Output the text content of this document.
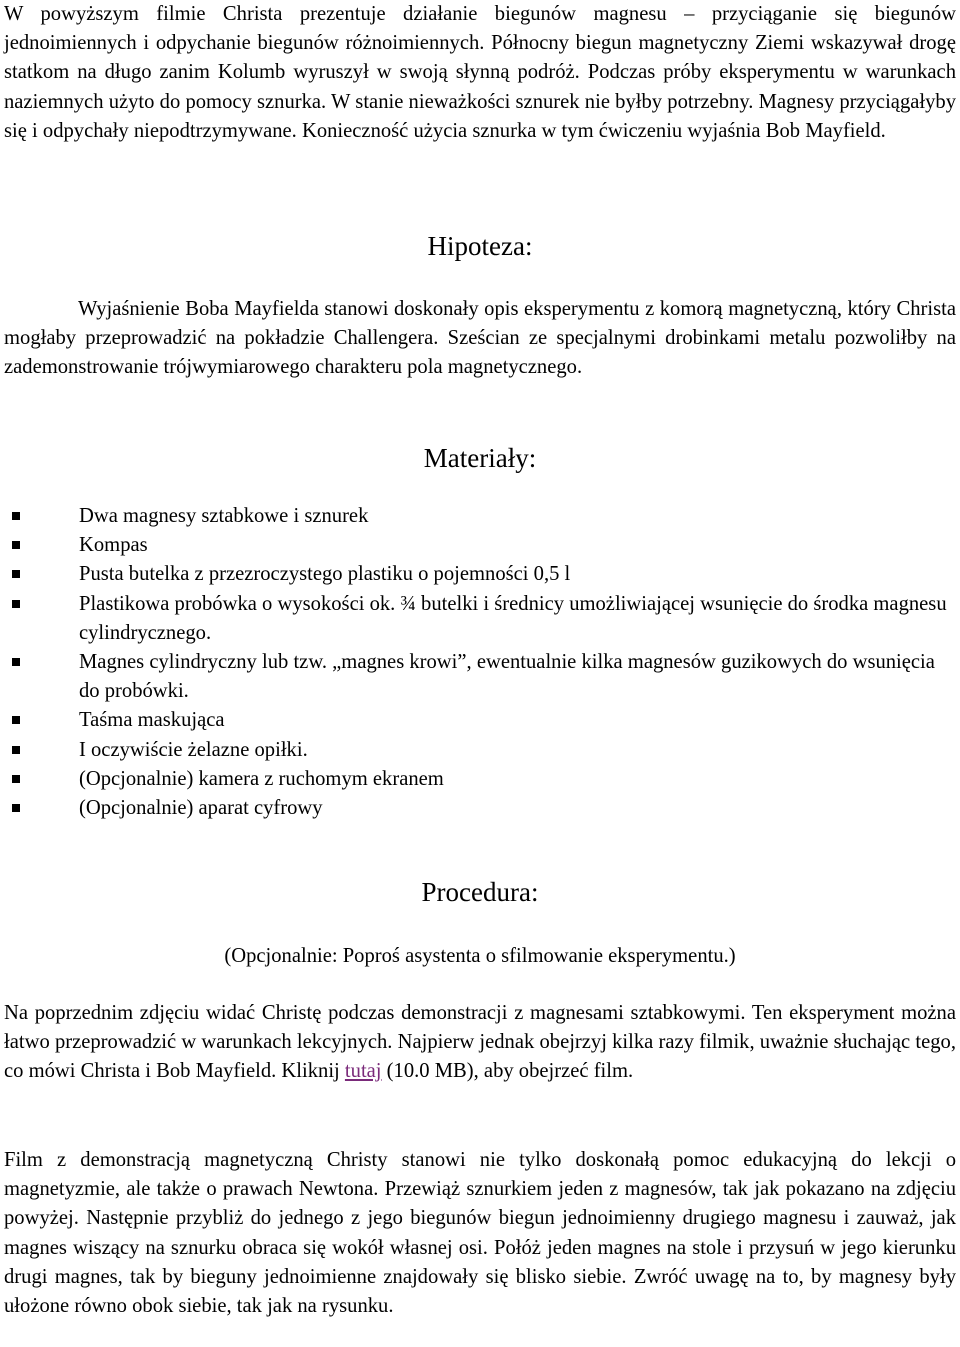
W powyższym filmie Christa prezentuje działanie biegunów magnesu – przyciąganie się biegunów jednoimiennych i odpychanie biegunów różnoimiennych. Północny biegun magnetyczny Ziemi wskazywał drogę statkom na długo zanim Kolumb wyruszył w swoją słynną podróż. Podczas próby eksperymentu w warunkach naziemnych użyto do pomocy sznurka. W stanie nieważkości sznurek nie byłby potrzebny. Magnesy przyciągałyby się i odpychały niepodtrzymywane. Konieczność użycia sznurka w tym ćwiczeniu wyjaśnia Bob Mayfield.

Hipoteza:

Wyjaśnienie Boba Mayfielda stanowi doskonały opis eksperymentu z komorą magnetyczną, który Christa mogłaby przeprowadzić na pokładzie Challengera. Sześcian ze specjalnymi drobinkami metalu pozwoliłby na zademonstrowanie trójwymiarowego charakteru pola magnetycznego.

Materiały:
Dwa magnesy sztabkowe i sznurek
Kompas
Pusta butelka z przezroczystego plastiku o pojemności 0,5 l
Plastikowa probówka o wysokości ok. ¾ butelki i średnicy umożliwiającej wsunięcie do środka magnesu cylindrycznego.
Magnes cylindryczny lub tzw. „magnes krowi”, ewentualnie kilka magnesów guzikowych do wsunięcia do probówki.
Taśma maskująca
I oczywiście żelazne opiłki.
(Opcjonalnie) kamera z ruchomym ekranem
(Opcjonalnie) aparat cyfrowy
Procedura:

(Opcjonalnie: Poproś asystenta o sfilmowanie eksperymentu.)

Na poprzednim zdjęciu widać Christę podczas demonstracji z magnesami sztabkowymi. Ten eksperyment można łatwo przeprowadzić w warunkach lekcyjnych. Najpierw jednak obejrzyj kilka razy filmik, uważnie słuchając tego, co mówi Christa i Bob Mayfield. Kliknij tutaj (10.0 MB), aby obejrzeć film.

Film z demonstracją magnetyczną Christy stanowi nie tylko doskonałą pomoc edukacyjną do lekcji o magnetyzmie, ale także o prawach Newtona. Przewiąż sznurkiem jeden z magnesów, tak jak pokazano na zdjęciu powyżej. Następnie przybliż do jednego z jego biegunów biegun jednoimienny drugiego magnesu i zauważ, jak magnes wiszący na sznurku obraca się wokół własnej osi. Połóż jeden magnes na stole i przysuń w jego kierunku drugi magnes, tak by bieguny jednoimienne znajdowały się blisko siebie. Zwróć uwagę na to, by magnesy były ułożone równo obok siebie, tak jak na rysunku.
